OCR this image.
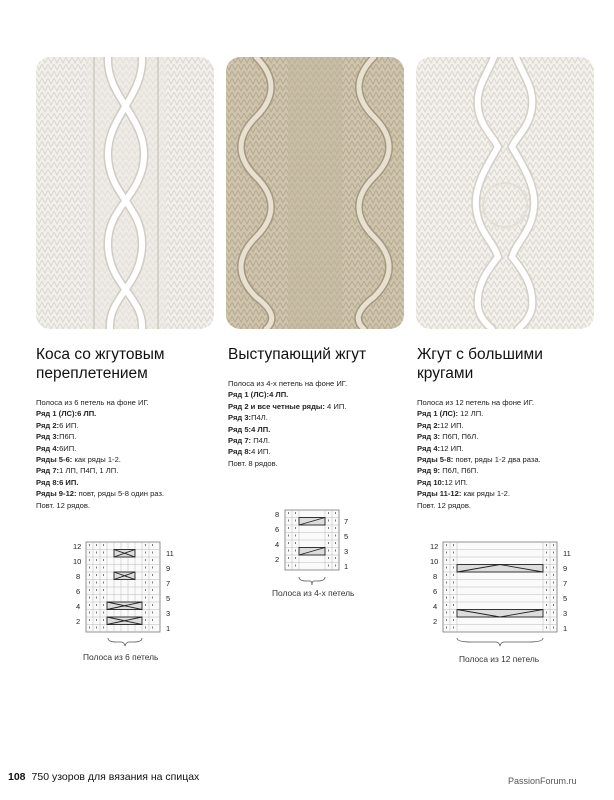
Коса со жгутовым
переплетением
Выступающий жгут	Жгут с большими
кругами
Полоса из 6 петель на фоне ИГ.
Ряд 1 (ЛС):6 ЛП.
Ряд 2:6 ИП.
Ряд 3:П6П.
Ряд 4:6ИП.
Ряды 5-6: как ряды 1-2.
Ряд 7:1 ЛП, П4П, 1 ЛП.
Ряд 8:6 ИП.
Ряды 9-12: повт, ряды 5-8 один раз.
Повт. 12 рядов.
Полоса из 4-х петель на фоне ИГ.
Ряд 1 (ЛС):4 ЛП.
Ряд 2 и все четные ряды: 4 ИП.
Ряд 3:П4Л.
Ряд 5:4 ЛП.
Ряд 7: П4Л.
Ряд 8:4 ИП.
Повт. 8 рядов.
Полоса из 12 петель на фоне ИГ.
Ряд 1 (ЛС): 12 ЛП.
Ряд 2:12 ИП.
Ряд 3: П6П, П6Л.
Ряд 4:12 ИП.
Ряды 5-8: повт, ряды 1-2 два раза.
Ряд 9: П6Л, П6П.
Ряд 10:12 ИП.
Ряды 11-12: как ряды 1-2.
Повт. 12 рядов.
12
10
8
6
4
2
11
9
7
5
3
1
Полоса из 6 петель
8
6
4
2
7
5
3
1
Полоса из 4-х петель
12
10
8
6
4
2
11
9
7
5
3
1
Полоса из 12 петель
108 750 узоров для вязания на спицах	PassionForum.ru
